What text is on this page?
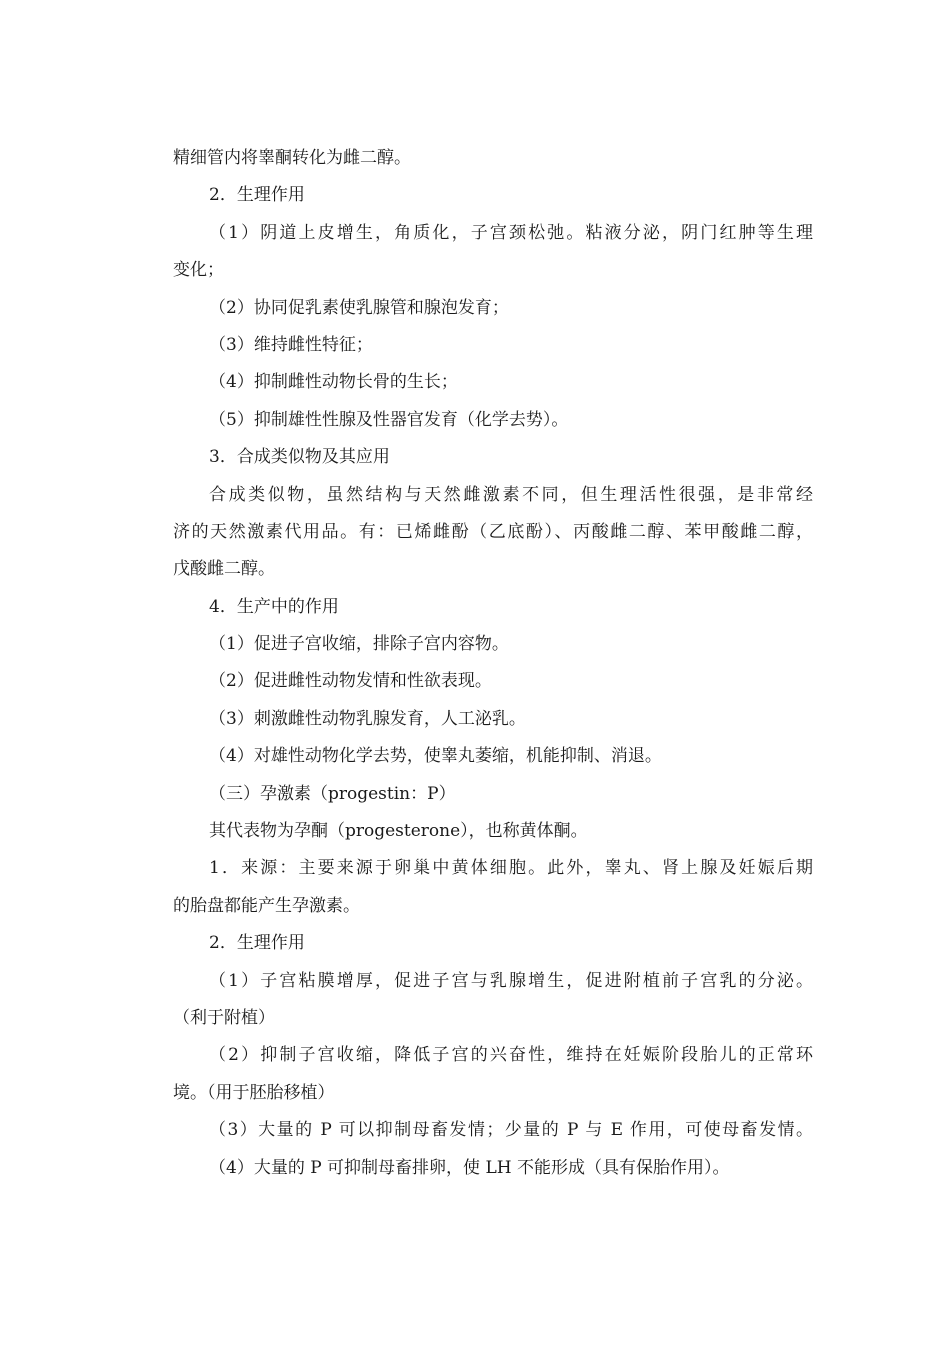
精细管内将睾酮转化为雌二醇。
2．生理作用
（1）阴道上皮增生，角质化，子宫颈松弛。粘液分泌，阴门红肿等生理
变化；
（2）协同促乳素使乳腺管和腺泡发育；
（3）维持雌性特征；
（4）抑制雌性动物长骨的生长；
（5）抑制雄性性腺及性器官发育（化学去势）。
3．合成类似物及其应用
合成类似物，虽然结构与天然雌激素不同，但生理活性很强，是非常经
济的天然激素代用品。有：已烯雌酚（乙底酚）、丙酸雌二醇、苯甲酸雌二醇，
戊酸雌二醇。
4．生产中的作用
（1）促进子宫收缩，排除子宫内容物。
（2）促进雌性动物发情和性欲表现。
（3）刺激雌性动物乳腺发育，人工泌乳。
（4）对雄性动物化学去势，使睾丸萎缩，机能抑制、消退。
（三）孕激素（progestin：P）
其代表物为孕酮（progesterone），也称黄体酮。
1．来源：主要来源于卵巢中黄体细胞。此外，睾丸、肾上腺及妊娠后期
的胎盘都能产生孕激素。
2．生理作用
（1）子宫粘膜增厚，促进子宫与乳腺增生，促进附植前子宫乳的分泌。
（利于附植）
（2）抑制子宫收缩，降低子宫的兴奋性，维持在妊娠阶段胎儿的正常环
境。（用于胚胎移植）
（3）大量的 P 可以抑制母畜发情；少量的 P 与 E 作用，可使母畜发情。
（4）大量的 P 可抑制母畜排卵，使 LH 不能形成（具有保胎作用）。
